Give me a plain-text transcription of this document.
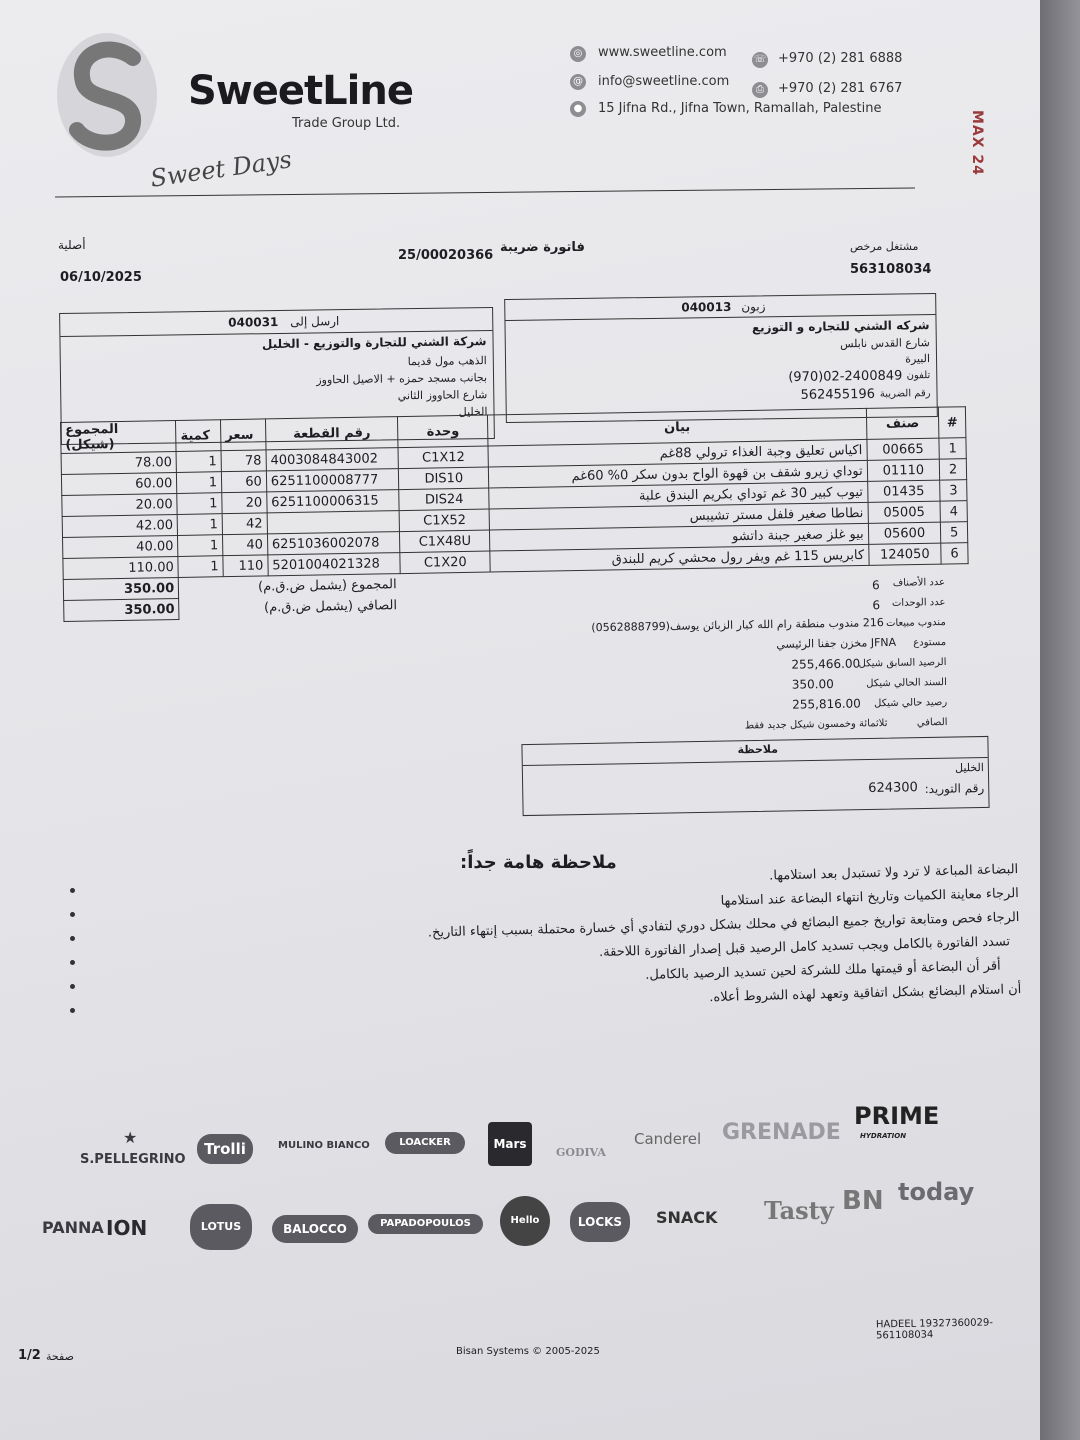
SweetLine
Trade Group Ltd.
Sweet Days
◎ www.sweetline.com	☏ +970 (2) 281 6888
@ info@sweetline.com
⎙	+970 (2) 281 6767
● 15 Jifna Rd., Jifna Town, Ramallah, Palestine
أصلية
06/10/2025
25/00020366
فاتورة ضريبة	مشتغل مرخص
563108034
040031 ارسل إلى
شركة الشني للتجارة والتوزيع - الخليل
الذهب مول قديما
بجانب مسجد حمزه + الاصيل الحاووز
شارع الحاووز الثاني
الخليل
040013 زبون
شركه الشني للتجاره و التوزيع
شارع القدس نابلس
البيرة
تلفون
(970)02-2400849
رقم الضريبة
562455196
المجموع (شيكل)	كمية	سعر	رقم القطعة	وحدة	بيان	صنف	#
78.00	1	78	4003084843002	C1X12	اكياس تعليق وجبة الغذاء ترولي 88غم	00665	1
60.00	1	60	6251100008777	DIS10	توداي زيرو شقف بن قهوة الواح بدون سكر 0% 60غم	01110	2
20.00	1	20	6251100006315	DIS24	تيوب كبير 30 غم توداي بكريم البندق علبة	01435	3
42.00	1	42		C1X52	نطاطا صغير فلفل مستر تشيبس	05005	4
40.00	1	40	6251036002078	C1X48U	بيو غلز صغير جبنة داتشو	05600	5
110.00	1	110	5201004021328	C1X20	كابريس 115 غم ويفر رول محشي كريم للبندق	124050	6
350.00	المجموع (يشمل ض.ق.م)						
350.00	الصافي (يشمل ض.ق.م)						
عدد الأصناف
6
عدد الوحدات
6
مندوب مبيعات
216 مندوب منطقة رام الله كبار الزبائن يوسف(0562888799)
مستودع
JFNA مخزن جفنا الرئيسي
الرصيد السابق شيكل
255,466.00
السند الحالي شيكل
350.00
رصيد حالي شيكل
255,816.00
الصافي
ثلاثمائة وخمسون شيكل جديد فقط
ملاحظة
الخليل
رقم التوريد:
624300
ملاحظة هامة جداً:	البضاعة المباعة لا ترد ولا تستبدل بعد استلامها.
الرجاء معاينة الكميات وتاريخ انتهاء البضاعة عند استلامها
الرجاء فحص ومتابعة تواريخ جميع البضائع في محلك بشكل دوري لتفادي أي خسارة محتملة بسبب إنتهاء التاريخ.
تسدد الفاتورة بالكامل ويجب تسديد كامل الرصيد قبل إصدار الفاتورة اللاحقة.
أقر أن البضاعة أو قيمتها ملك للشركة لحين تسديد الرصيد بالكامل.
أن استلام البضائع بشكل اتفاقية وتعهد لهذه الشروط أعلاه.
S.PELLEGRINO
★
Trolli	MULINO BIANCO	LOACKER	Mars
GODIVA
Canderel GRENADE
PRIME
HYDRATION
PANNA ION	LOTUS	BALOCCO	PAPADOPOULOS	Hello	LOCKS	SNACK Tasty BN today
1/2 صفحة	Bisan Systems © 2005-2025
HADEEL 19327360029-561108034
MAX 24
